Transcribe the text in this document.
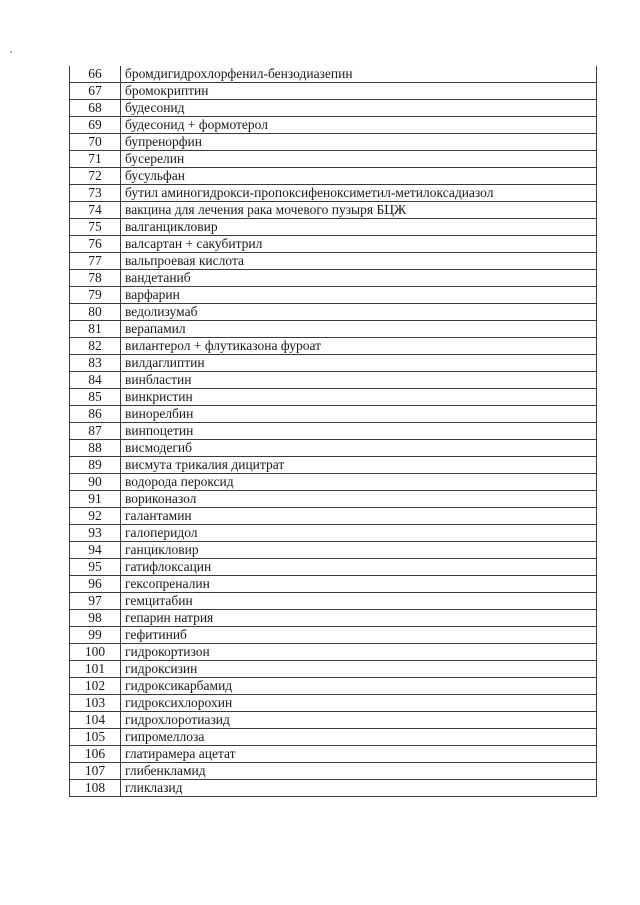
66	бромдигидрохлорфенил-бензодиазепин
67	бромокриптин
68	будесонид
69	будесонид + формотерол
70	бупренорфин
71	бусерелин
72	бусульфан
73	бутил аминогидрокси-пропоксифеноксиметил-метилоксадиазол
74	вакцина для лечения рака мочевого пузыря БЦЖ
75	валганцикловир
76	валсартан + сакубитрил
77	вальпроевая кислота
78	вандетаниб
79	варфарин
80	ведолизумаб
81	верапамил
82	вилантерол + флутиказона фуроат
83	вилдаглиптин
84	винбластин
85	винкристин
86	винорелбин
87	винпоцетин
88	висмодегиб
89	висмута трикалия дицитрат
90	водорода пероксид
91	вориконазол
92	галантамин
93	галоперидол
94	ганцикловир
95	гатифлоксацин
96	гексопреналин
97	гемцитабин
98	гепарин натрия
99	гефитиниб
100	гидрокортизон
101	гидроксизин
102	гидроксикарбамид
103	гидроксихлорохин
104	гидрохлоротиазид
105	гипромеллоза
106	глатирамера ацетат
107	глибенкламид
108	гликлазид
